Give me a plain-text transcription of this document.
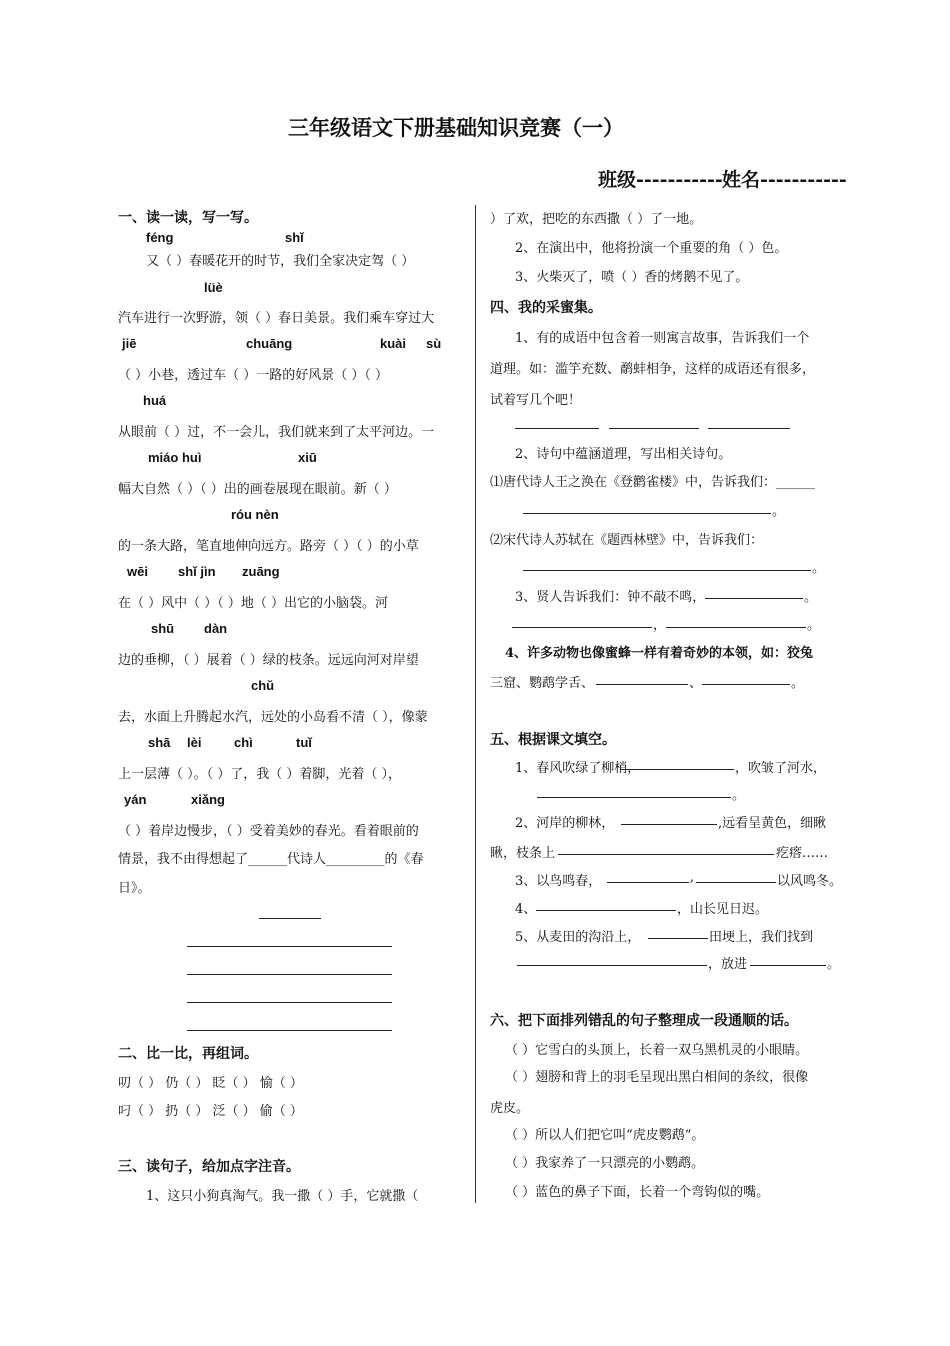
三年级语文下册基础知识竞赛（一）
班级----------- 姓名-----------
一、读一读，写一写。
féng	shǐ
又（ ）春暖花开的时节，我们全家决定驾（ ）
lüè
汽车进行一次野游，领（ ）春日美景。我们乘车穿过大
jiē	chuāng	kuài sù
（ ）小巷，透过车（ ）一路的好风景（ ）（ ）
huá
从眼前（ ）过，不一会儿，我们就来到了太平河边。一
miáo huì	xiū
幅大自然（ ）（ ）出的画卷展现在眼前。新（ ）
róu nèn
的一条大路，笔直地伸向远方。路旁（ ）（ ）的小草
wēi shǐ jìn zuāng
在（ ）风中（ ）（ ）地（ ）出它的小脑袋。河
shū dàn
边的垂柳，（ ）展着（ ）绿的枝条。远远向河对岸望
chǔ
去，水面上升腾起水汽，远处的小岛看不清（ ），像蒙
shā lèi	chì	tuǐ
上一层薄（ ）。（ ）了，我（ ）着脚，光着（ ），
yán	xiǎng
（ ）着岸边慢步，（ ）受着美妙的春光。看着眼前的
情景，我不由得想起了______代诗人_________的《春
日》。
二、比一比，再组词。
叨（ ） 仍（ ） 眨（ ） 愉（ ）
叼（ ） 扔（ ） 泛（ ） 偷（ ）
三、读句子，给加点字注音。
1、这只小狗真淘气。我一撒（ ）手，它就撒（
）了欢，把吃的东西撒（ ）了一地。
2、在演出中，他将扮演一个重要的角（ ）色。
3、火柴灭了，喷（ ）香的烤鹅不见了。
四、我的采蜜集。
1、有的成语中包含着一则寓言故事，告诉我们一个
道理。如：滥竽充数、鹬蚌相争，这样的成语还有很多，
试着写几个吧！
2、诗句中蕴涵道理，写出相关诗句。
⑴唐代诗人王之涣在《登鹳雀楼》中，告诉我们：______
。
⑵宋代诗人苏轼在《题西林壁》中，告诉我们：
。
3、贤人告诉我们：钟不敲不鸣，	。
，	。
4、许多动物也像蜜蜂一样有着奇妙的本领，如：狡兔
三窟、鹦鹉学舌、	、	。
五、根据课文填空。
1、春风吹绿了柳梢，	，吹皱了河水，
。
2、河岸的柳林，	,远看呈黄色，细瞅
瞅，枝条上	疙瘩……
3、以鸟鸣春，	,	以风鸣冬。
4、	，山长见日迟。
5、从麦田的沟沿上，	田埂上，我们找到
，放进	。
六、把下面排列错乱的句子整理成一段通顺的话。
（ ）它雪白的头顶上，长着一双乌黑机灵的小眼睛。
（ ）翅膀和背上的羽毛呈现出黑白相间的条纹，很像
虎皮。
（ ）所以人们把它叫“虎皮鹦鹉”。
（ ）我家养了一只漂亮的小鹦鹉。
（ ）蓝色的鼻子下面，长着一个弯钩似的嘴。
